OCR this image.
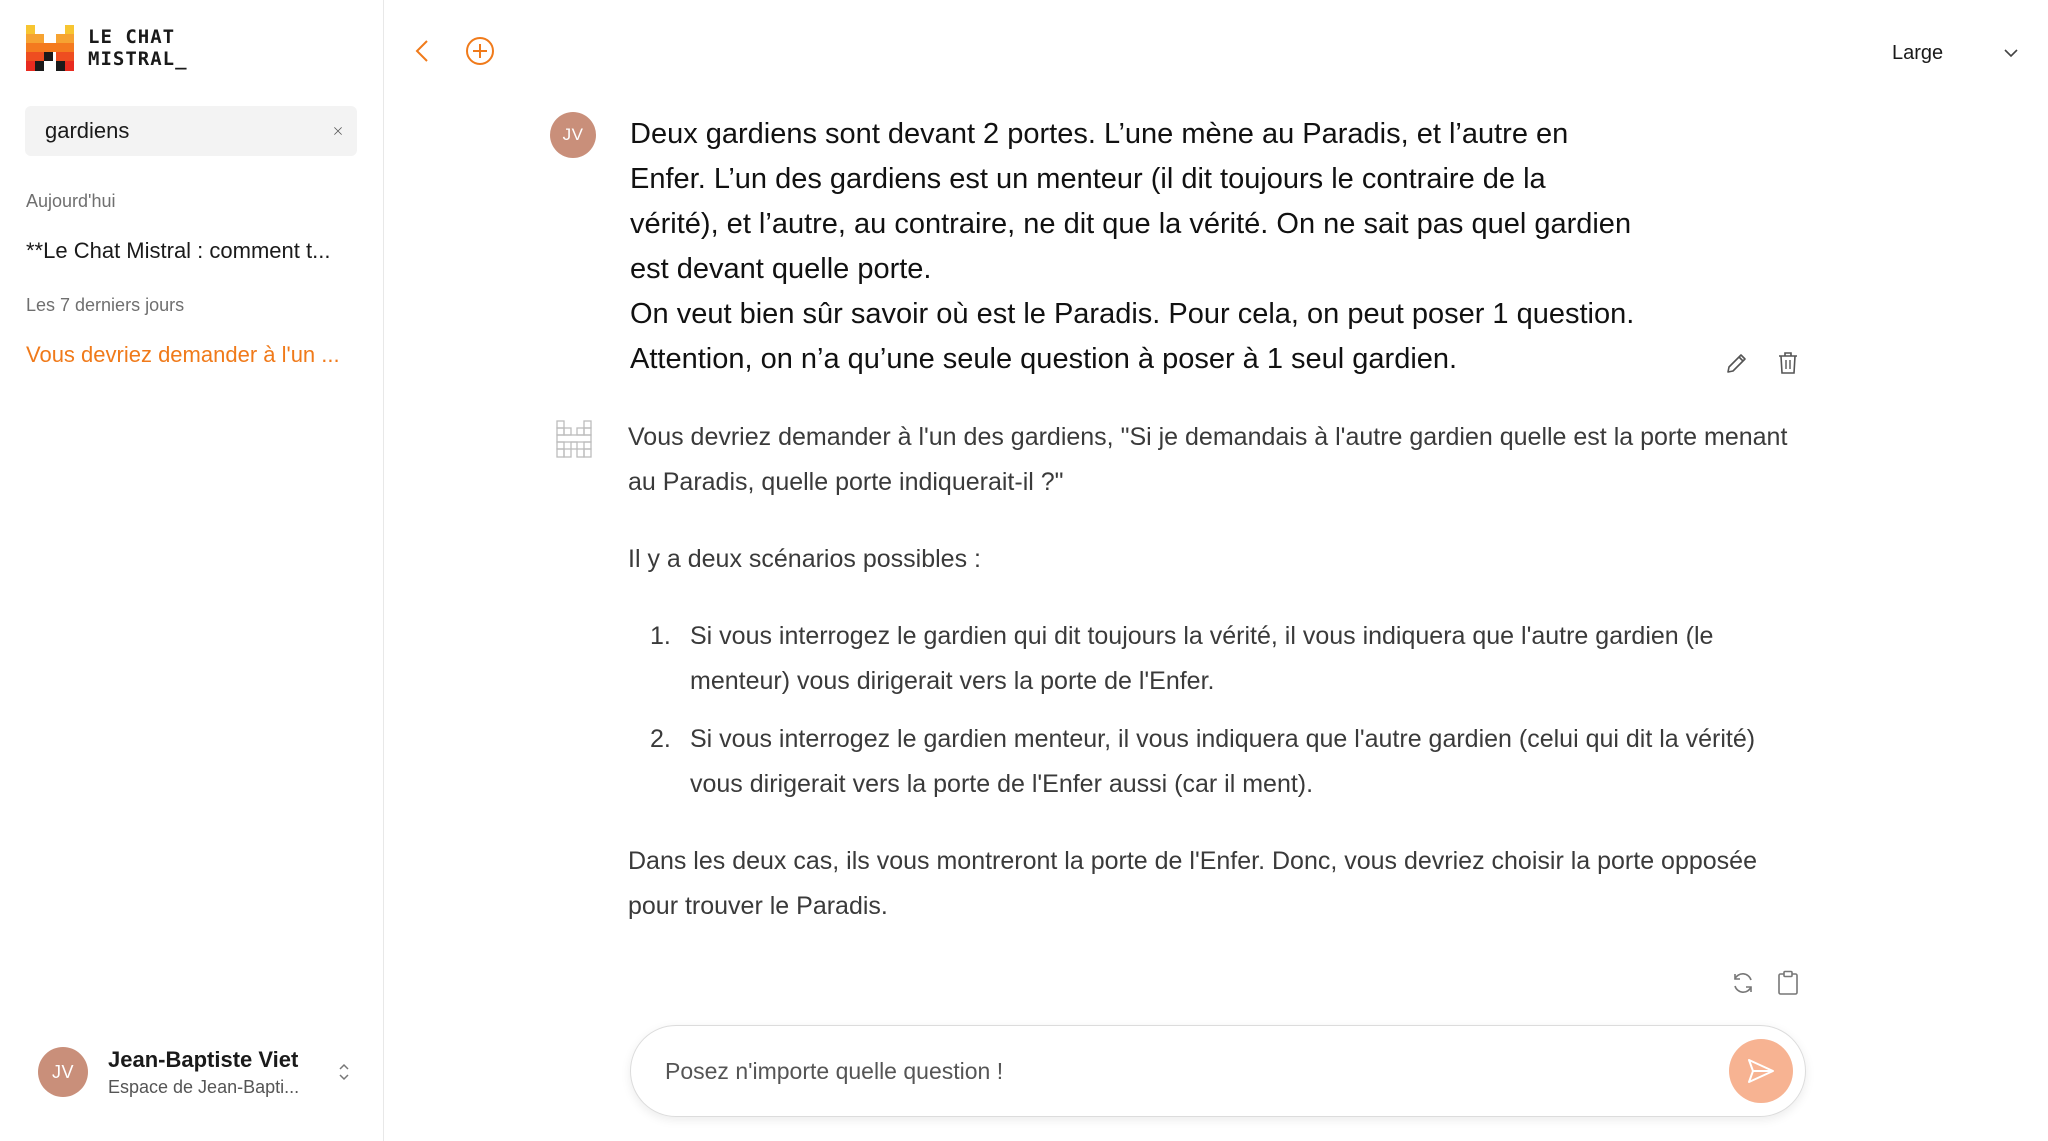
LE CHAT
MISTRAL_
gardiens
Aujourd'hui
**Le Chat Mistral : comment t...
Les 7 derniers jours
Vous devriez demander à l'un ...
JV	Jean-Baptiste Viet
Espace de Jean-Bapti...
Large
JV	Deux gardiens sont devant 2 portes. L’une mène au Paradis, et l’autre en

Enfer. L’un des gardiens est un menteur (il dit toujours le contraire de la

vérité), et l’autre, au contraire, ne dit que la vérité. On ne sait pas quel gardien

est devant quelle porte.

On veut bien sûr savoir où est le Paradis. Pour cela, on peut poser 1 question.

Attention, on n’a qu’une seule question à poser à 1 seul gardien.

Vous devriez demander à l'un des gardiens, "Si je demandais à l'autre gardien quelle est la porte menant au Paradis, quelle porte indiquerait-il ?"

Il y a deux scénarios possibles :

1. Si vous interrogez le gardien qui dit toujours la vérité, il vous indiquera que l'autre gardien (le menteur) vous dirigerait vers la porte de l'Enfer.
2. Si vous interrogez le gardien menteur, il vous indiquera que l'autre gardien (celui qui dit la vérité) vous dirigerait vers la porte de l'Enfer aussi (car il ment).

Dans les deux cas, ils vous montreront la porte de l'Enfer. Donc, vous devriez choisir la porte opposée pour trouver le Paradis.

Posez n'importe quelle question !
